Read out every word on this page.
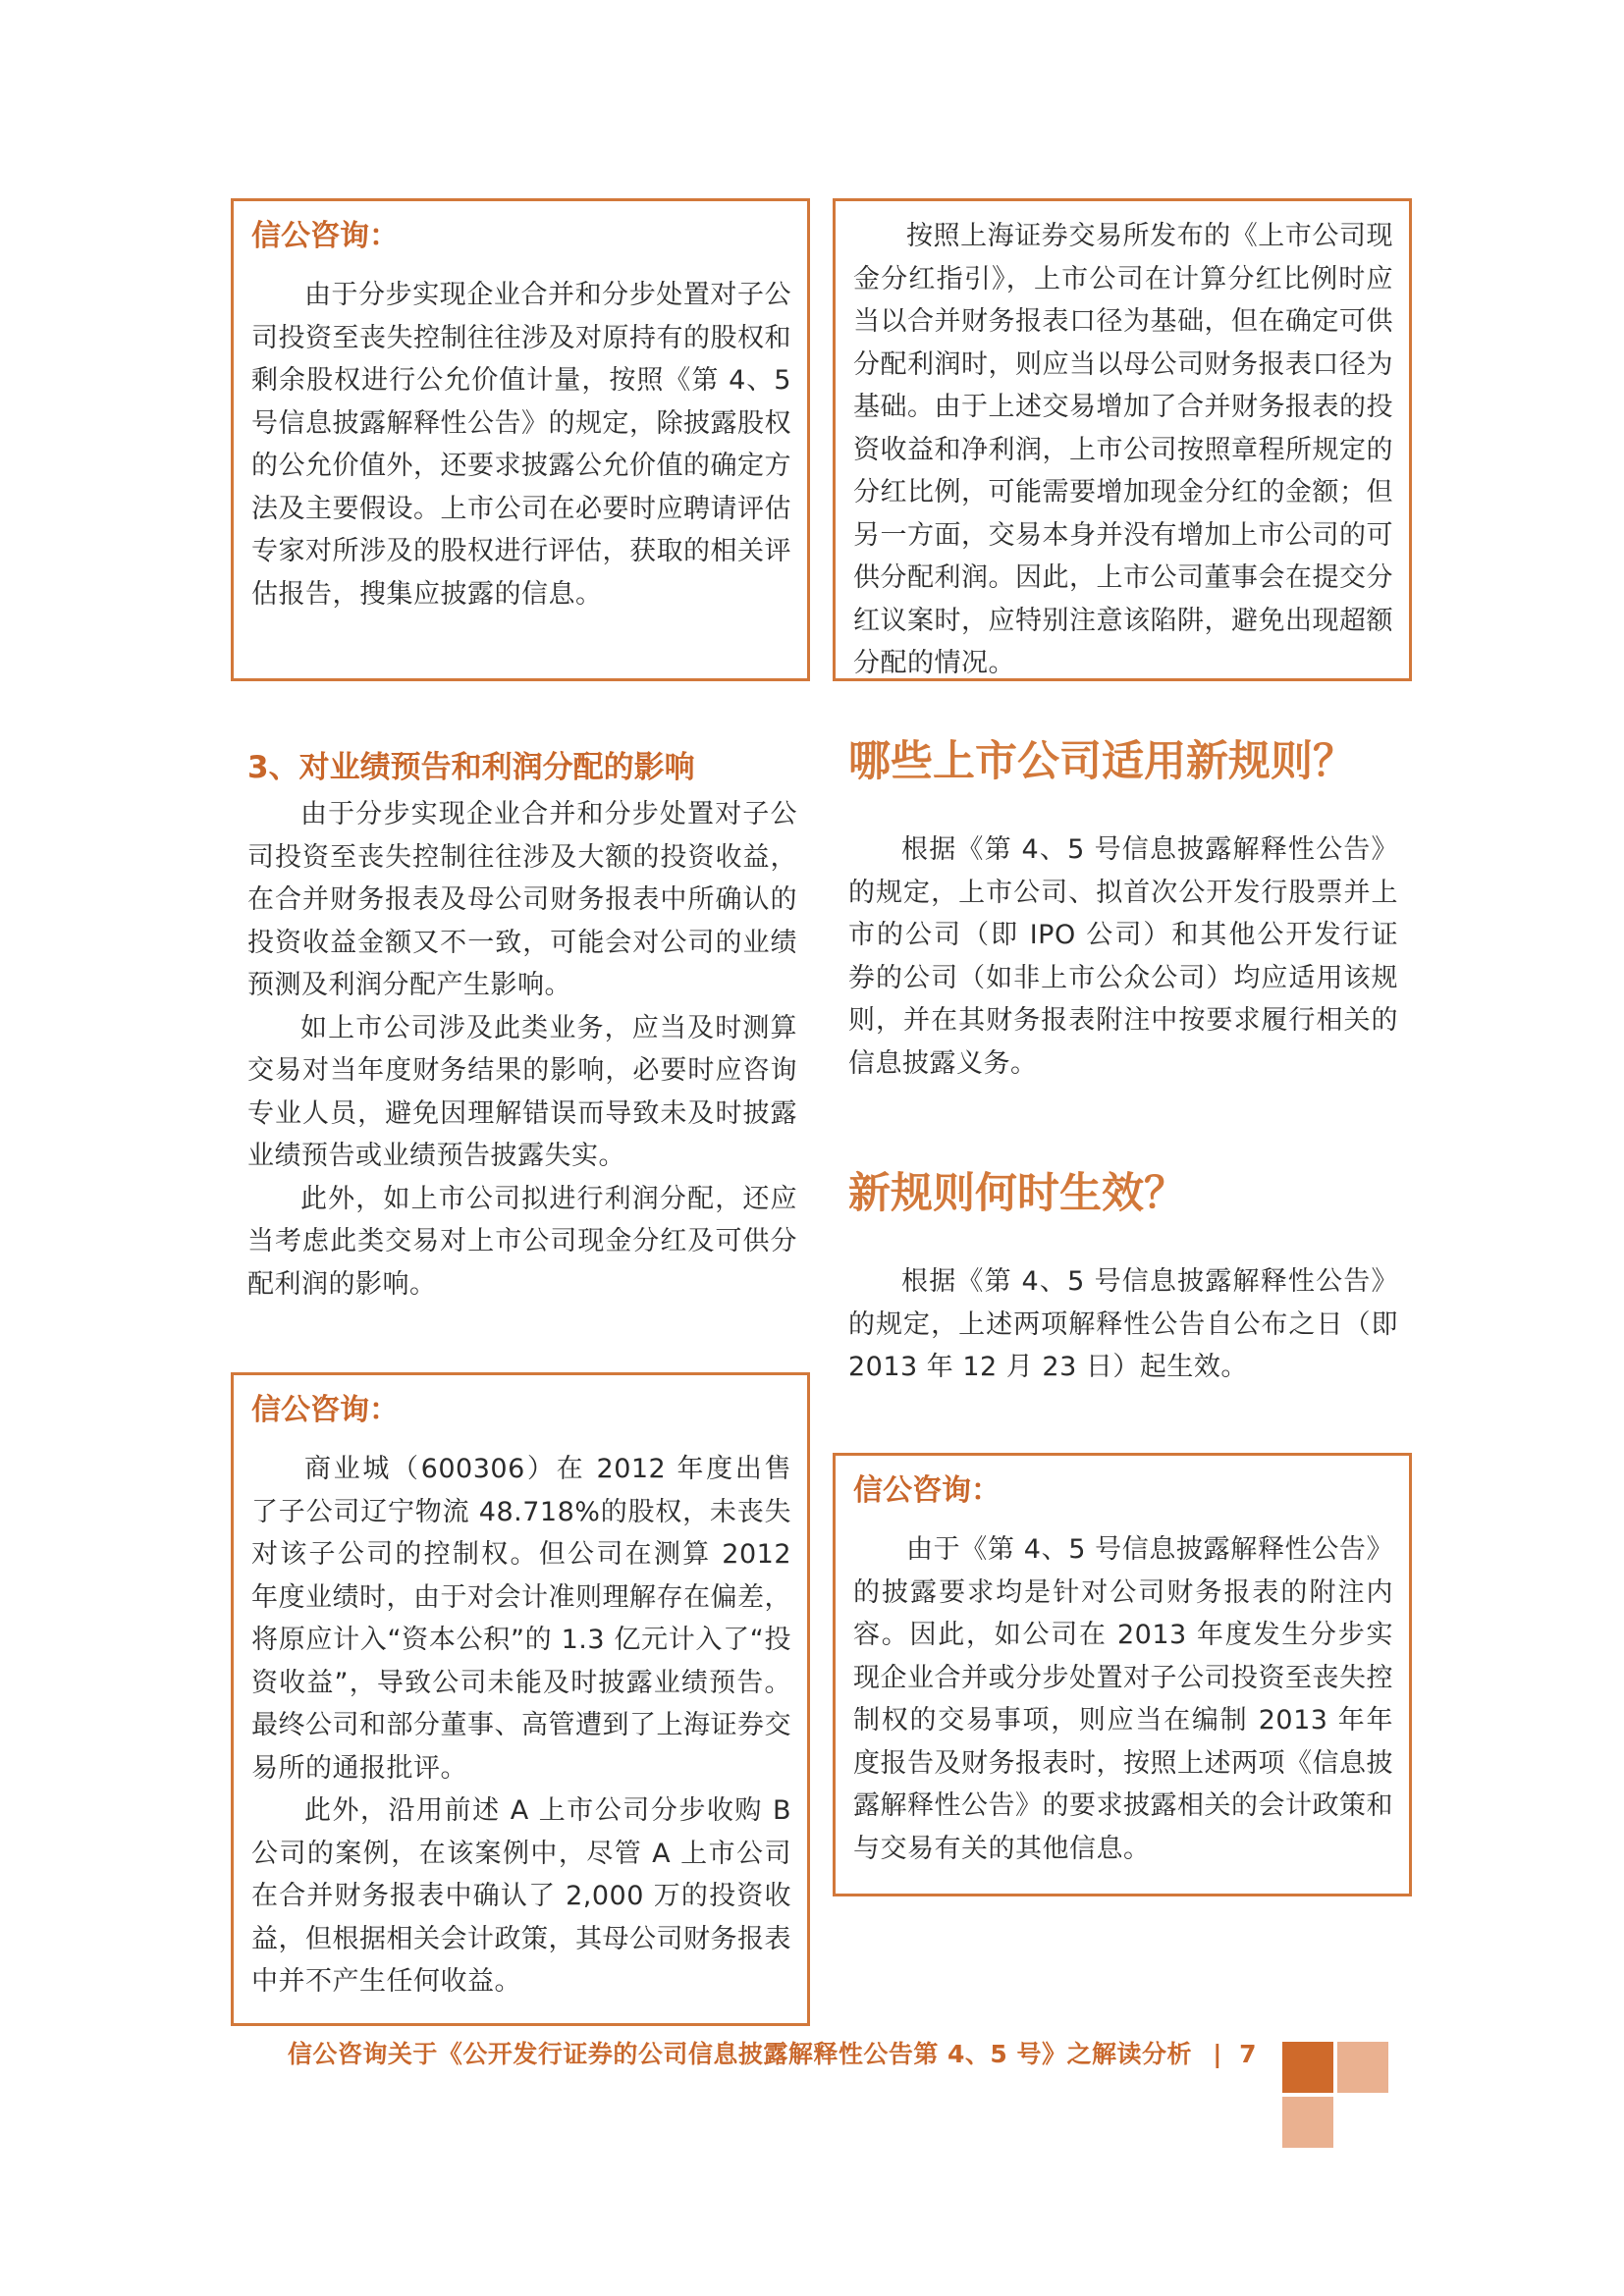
信公咨询：

由于分步实现企业合并和分步处置对子公司投资至丧失控制往往涉及对原持有的股权和剩余股权进行公允价值计量，按照《第 4、5 号信息披露解释性公告》的规定，除披露股权的公允价值外，还要求披露公允价值的确定方法及主要假设。上市公司在必要时应聘请评估专家对所涉及的股权进行评估，获取的相关评估报告，搜集应披露的信息。

3、对业绩预告和利润分配的影响

由于分步实现企业合并和分步处置对子公司投资至丧失控制往往涉及大额的投资收益，在合并财务报表及母公司财务报表中所确认的投资收益金额又不一致，可能会对公司的业绩预测及利润分配产生影响。

如上市公司涉及此类业务，应当及时测算交易对当年度财务结果的影响，必要时应咨询专业人员，避免因理解错误而导致未及时披露业绩预告或业绩预告披露失实。

此外，如上市公司拟进行利润分配，还应当考虑此类交易对上市公司现金分红及可供分配利润的影响。

信公咨询：

商业城（600306）在 2012 年度出售了子公司辽宁物流 48.718%的股权，未丧失对该子公司的控制权。但公司在测算 2012 年度业绩时，由于对会计准则理解存在偏差，将原应计入“资本公积”的 1.3 亿元计入了“投资收益”，导致公司未能及时披露业绩预告。最终公司和部分董事、高管遭到了上海证券交易所的通报批评。

此外，沿用前述 A 上市公司分步收购 B 公司的案例，在该案例中，尽管 A 上市公司在合并财务报表中确认了 2,000 万的投资收益，但根据相关会计政策，其母公司财务报表中并不产生任何收益。

按照上海证券交易所发布的《上市公司现金分红指引》，上市公司在计算分红比例时应当以合并财务报表口径为基础，但在确定可供分配利润时，则应当以母公司财务报表口径为基础。由于上述交易增加了合并财务报表的投资收益和净利润，上市公司按照章程所规定的分红比例，可能需要增加现金分红的金额；但另一方面，交易本身并没有增加上市公司的可供分配利润。因此，上市公司董事会在提交分红议案时，应特别注意该陷阱，避免出现超额分配的情况。

哪些上市公司适用新规则？

根据《第 4、5 号信息披露解释性公告》的规定，上市公司、拟首次公开发行股票并上市的公司（即 IPO 公司）和其他公开发行证券的公司（如非上市公众公司）均应适用该规则，并在其财务报表附注中按要求履行相关的信息披露义务。

新规则何时生效？

根据《第 4、5 号信息披露解释性公告》的规定，上述两项解释性公告自公布之日（即 2013 年 12 月 23 日）起生效。

信公咨询：

由于《第 4、5 号信息披露解释性公告》的披露要求均是针对公司财务报表的附注内容。因此，如公司在 2013 年度发生分步实现企业合并或分步处置对子公司投资至丧失控制权的交易事项，则应当在编制 2013 年年度报告及财务报表时，按照上述两项《信息披露解释性公告》的要求披露相关的会计政策和与交易有关的其他信息。

信公咨询关于《公开发行证券的公司信息披露解释性公告第 4、5 号》之解读分析 | 7
